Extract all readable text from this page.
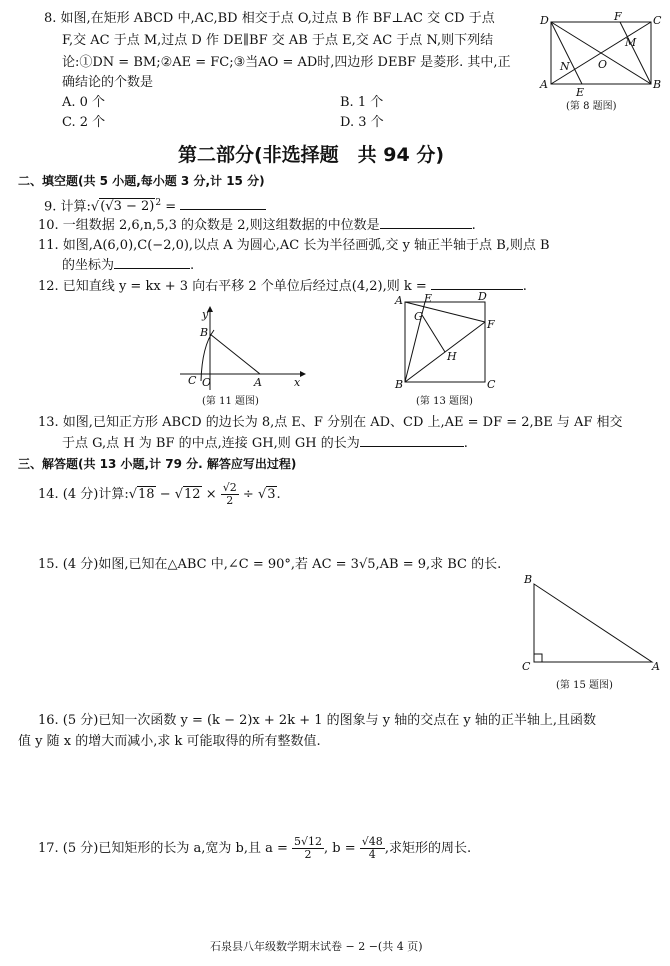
8. 如图,在矩形 ABCD 中,AC,BD 相交于点 O,过点 B 作 BF⊥AC 交 CD 于点
F,交 AC 于点 M,过点 D 作 DE∥BF 交 AB 于点 E,交 AC 于点 N,则下列结
论:①DN = BM;②AE = FC;③当AO = AD时,四边形 DEBF 是菱形. 其中,正
确结论的个数是
A. 0 个	B. 1 个
C. 2 个	D. 3 个
D	F	C
M
O
N
A
E
B
(第 8 题图)
第二部分(非选择题　共 94 分)
二、填空题(共 5 小题,每小题 3 分,计 15 分)
9. 计算:√(√3 − 2)$^2$ =
10. 一组数据 2,6,n,5,3 的众数是 2,则这组数据的中位数是	.
11. 如图,A(6,0),C(−2,0),以点 A 为圆心,AC 长为半径画弧,交 y 轴正半轴于点 B,则点 B
的坐标为	.
12. 已知直线 y = kx + 3 向右平移 2 个单位后经过点(4,2),则 k =	.
y
B
C O	A	x
(第 11 题图)
A E	D
G
F
H
B	C
(第 13 题图)
13. 如图,已知正方形 ABCD 的边长为 8,点 E、F 分别在 AD、CD 上,AE = DF = 2,BE 与 AF 相交
于点 G,点 H 为 BF 的中点,连接 GH,则 GH 的长为	.
三、解答题(共 13 小题,计 79 分. 解答应写出过程)
14. (4 分)计算:√18 − $√12 \times \frac{√2}{2} \div √3$.
15. (4 分)如图,已知在△ABC 中,∠C = 90°,若 AC = 3√5,AB = 9,求 BC 的长.
B
C	A
(第 15 题图)
16. (5 分)已知一次函数 y = (k − 2)x + 2k + 1 的图象与 y 轴的交点在 y 轴的正半轴上,且函数
值 y 随 x 的增大而减小,求 k 可能取得的所有整数值.
17. (5 分)已知矩形的长为 a,宽为 b,且 $a = \frac{5√12}{2}$ , $b = \frac{√48}{4}$ ,求矩形的周长.
石泉县八年级数学期末试卷 − 2 −(共 4 页)
